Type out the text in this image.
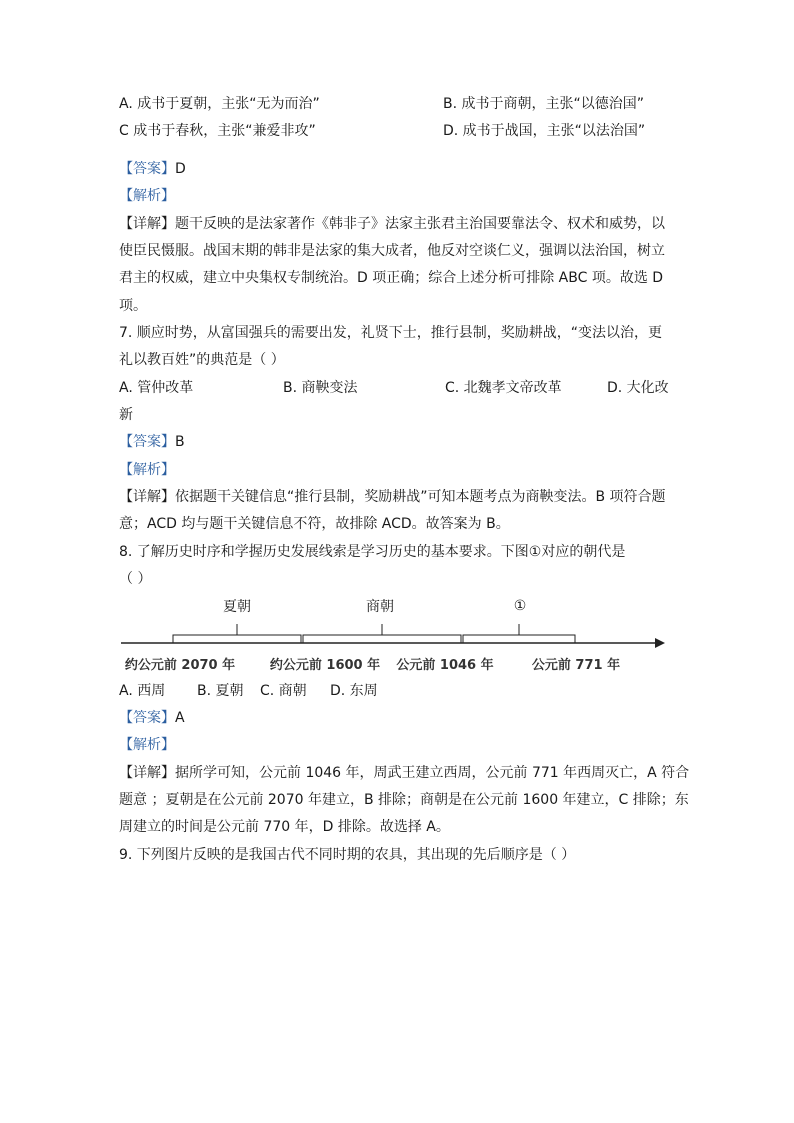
A. 成书于夏朝，主张“无为而治”	B. 成书于商朝，主张“以德治国”
C 成书于春秋，主张“兼爱非攻”	D. 成书于战国，主张“以法治国”
【答案】D
【解析】
【详解】题干反映的是法家著作《韩非子》法家主张君主治国要靠法令、权术和威势，以
使臣民慑服。战国末期的韩非是法家的集大成者，他反对空谈仁义，强调以法治国，树立
君主的权威，建立中央集权专制统治。D 项正确；综合上述分析可排除 ABC 项。故选 D
项。
7. 顺应时势，从富国强兵的需要出发，礼贤下士，推行县制，奖励耕战，“变法以治，更
礼以教百姓”的典范是（ ）
A. 管仲改革	B. 商鞅变法	C. 北魏孝文帝改革	D. 大化改
新
【答案】B
【解析】
【详解】依据题干关键信息“推行县制，奖励耕战”可知本题考点为商鞅变法。B 项符合题
意；ACD 均与题干关键信息不符，故排除 ACD。故答案为 B。
8. 了解历史时序和学握历史发展线索是学习历史的基本要求。下图①对应的朝代是
（ ）
夏朝	商朝	①
约公元前 2070 年	约公元前 1600 年 公元前 1046 年	公元前 771 年
A. 西周 B. 夏朝 C. 商朝 D. 东周
【答案】A
【解析】
【详解】据所学可知，公元前 1046 年，周武王建立西周，公元前 771 年西周灭亡，A 符合
题意 ；夏朝是在公元前 2070 年建立，B 排除；商朝是在公元前 1600 年建立，C 排除；东
周建立的时间是公元前 770 年，D 排除。故选择 A。
9. 下列图片反映的是我国古代不同时期的农具，其出现的先后顺序是（ ）
